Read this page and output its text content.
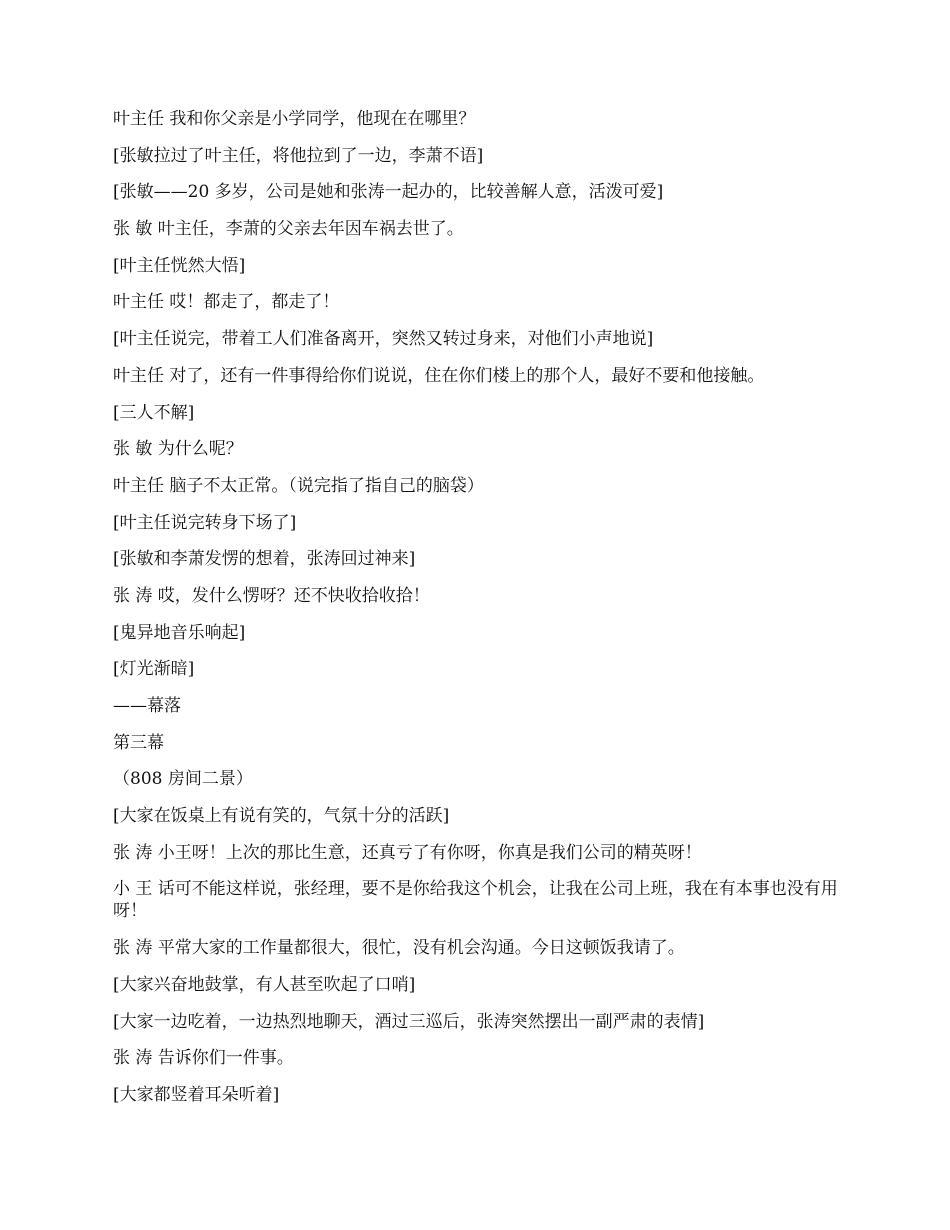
叶主任 我和你父亲是小学同学，他现在在哪里？

[张敏拉过了叶主任，将他拉到了一边，李萧不语]

[张敏——20 多岁，公司是她和张涛一起办的，比较善解人意，活泼可爱]

张 敏 叶主任，李萧的父亲去年因车祸去世了。

[叶主任恍然大悟]

叶主任 哎！都走了，都走了！

[叶主任说完，带着工人们准备离开，突然又转过身来，对他们小声地说]

叶主任 对了，还有一件事得给你们说说，住在你们楼上的那个人，最好不要和他接触。

[三人不解]

张 敏 为什么呢？

叶主任 脑子不太正常。（说完指了指自己的脑袋）

[叶主任说完转身下场了]

[张敏和李萧发愣的想着，张涛回过神来]

张 涛 哎，发什么愣呀？还不快收拾收拾！

[鬼异地音乐响起]

[灯光渐暗]

——幕落

第三幕

（808 房间二景）

[大家在饭桌上有说有笑的，气氛十分的活跃]

张 涛 小王呀！上次的那比生意，还真亏了有你呀，你真是我们公司的精英呀！

小 王 话可不能这样说，张经理，要不是你给我这个机会，让我在公司上班，我在有本事也没有用呀！

张 涛 平常大家的工作量都很大，很忙，没有机会沟通。今日这顿饭我请了。

[大家兴奋地鼓掌，有人甚至吹起了口哨]

[大家一边吃着，一边热烈地聊天，酒过三巡后，张涛突然摆出一副严肃的表情]

张 涛 告诉你们一件事。

[大家都竖着耳朵听着]
